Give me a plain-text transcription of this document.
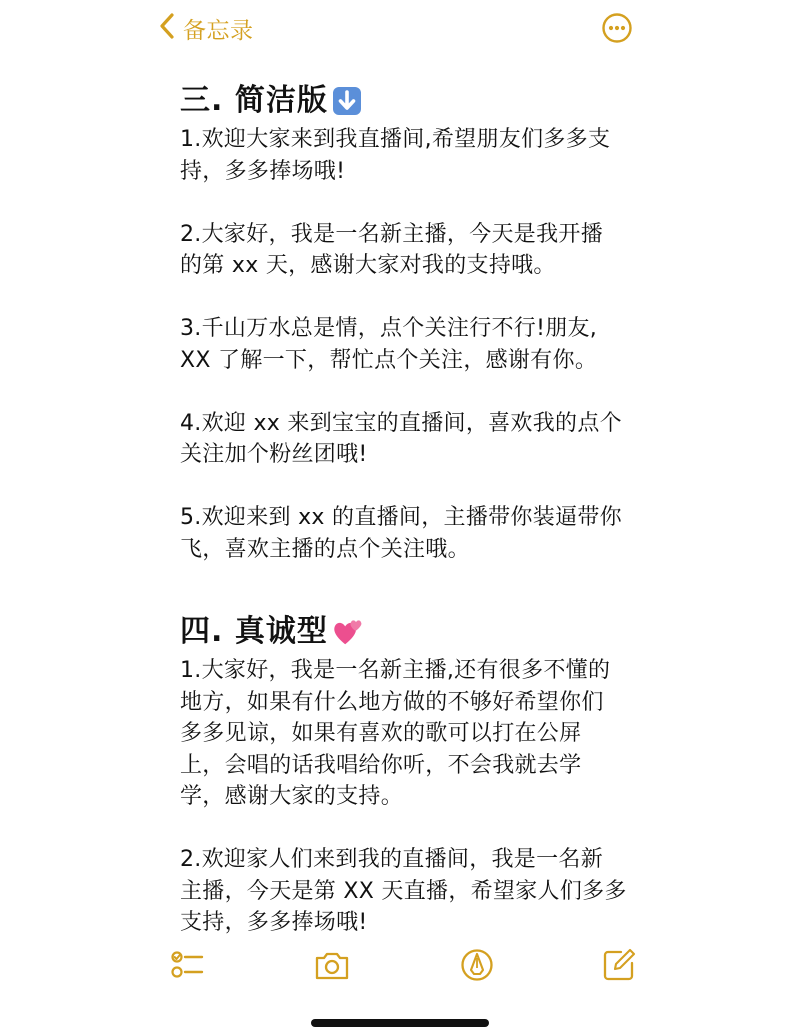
备忘录
三. 简洁版
1.欢迎大家来到我直播间,希望朋友们多多支
持，多多捧场哦!
2.大家好，我是一名新主播，今天是我开播
的第 xx 天，感谢大家对我的支持哦。
3.千山万水总是情，点个关注行不行!朋友,
XX 了解一下，帮忙点个关注，感谢有你。
4.欢迎 xx 来到宝宝的直播间，喜欢我的点个
关注加个粉丝团哦!
5.欢迎来到 xx 的直播间，主播带你装逼带你
飞，喜欢主播的点个关注哦。
四. 真诚型
1.大家好，我是一名新主播,还有很多不懂的
地方，如果有什么地方做的不够好希望你们
多多见谅，如果有喜欢的歌可以打在公屏
上，会唱的话我唱给你听，不会我就去学
学，感谢大家的支持。
2.欢迎家人们来到我的直播间，我是一名新
主播，今天是第 XX 天直播，希望家人们多多
支持，多多捧场哦!
